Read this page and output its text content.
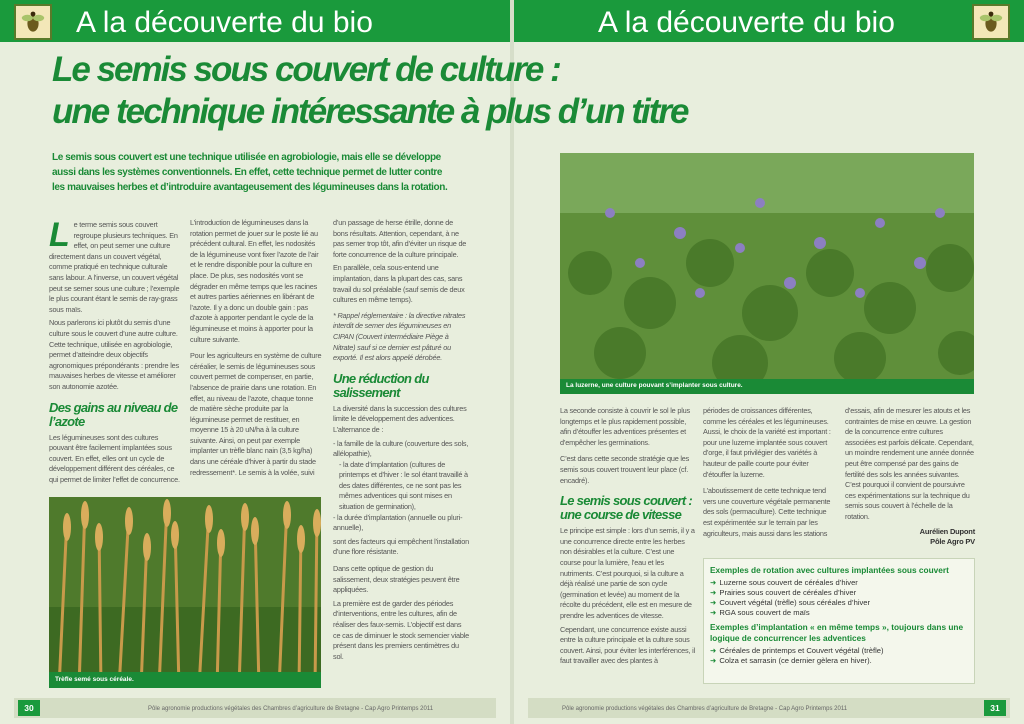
A la découverte du bio	A la découverte du bio
Le semis sous couvert de culture :
une technique intéressante à plus d’un titre
Le semis sous couvert est une technique utilisée en agrobiologie, mais elle se développe aussi dans les systèmes conventionnels. En effet, cette technique permet de lutter contre les mauvaises herbes et d’introduire avantageusement des légumineuses dans la rotation.

Le terme semis sous couvert regroupe plusieurs techniques. En effet, on peut semer une culture directement dans un couvert végétal, comme pratiqué en technique culturale sans labour. A l’inverse, un couvert végétal peut se semer sous une culture ; l’exemple le plus courant étant le semis de ray-grass sous maïs.

Nous parlerons ici plutôt du semis d’une culture sous le couvert d’une autre culture. Cette technique, utilisée en agrobiologie, permet d’atteindre deux objectifs agronomiques prépondérants : prendre les mauvaises herbes de vitesse et améliorer son autonomie azotée.

Des gains au niveau de l’azote

Les légumineuses sont des cultures pouvant être facilement implantées sous couvert. En effet, elles ont un cycle de développement différent des céréales, ce qui permet de limiter l’effet de concurrence.

L’introduction de légumineuses dans la rotation permet de jouer sur le poste lié au précédent cultural. En effet, les nodosités de la légumineuse vont fixer l’azote de l’air et le rendre disponible pour la culture en place. De plus, ses nodosités vont se dégrader en même temps que les racines et autres parties aériennes en libérant de l’azote. Il y a donc un double gain : pas d’azote à apporter pendant le cycle de la légumineuse et moins à apporter pour la culture suivante.

Pour les agriculteurs en système de culture céréalier, le semis de légumineuses sous couvert permet de compenser, en partie, l’absence de prairie dans une rotation. En effet, au niveau de l’azote, chaque tonne de matière sèche produite par la légumineuse permet de restituer, en moyenne 15 à 20 uN/ha à la culture suivante. Ainsi, on peut par exemple implanter un trèfle blanc nain (3,5 kg/ha) dans une céréale d’hiver à partir du stade redressement*. Le semis à la volée, suivi

d’un passage de herse étrille, donne de bons résultats. Attention, cependant, à ne pas semer trop tôt, afin d’éviter un risque de forte concurrence de la culture principale.

En parallèle, cela sous-entend une implantation, dans la plupart des cas, sans travail du sol préalable (sauf semis de deux cultures en même temps).

* Rappel réglementaire : la directive nitrates interdit de semer des légumineuses en CIPAN (Couvert intermédiaire Piège à Nitrate) sauf si ce dernier est pâturé ou exporté. Il est alors appelé dérobée.

Une réduction du salissement

La diversité dans la succession des cultures limite le développement des adventices. L’alternance de :

- la famille de la culture (couverture des sols, allélopathie),

- la date d’implantation (cultures de printemps et d’hiver : le sol étant travaillé à des dates différentes, ce ne sont pas les mêmes adventices qui sont mises en situation de germination),

- la durée d’implantation (annuelle ou pluri-annuelle),

sont des facteurs qui empêchent l’installation d’une flore résistante.

Dans cette optique de gestion du salissement, deux stratégies peuvent être appliquées.

La première est de garder des périodes d’interventions, entre les cultures, afin de réaliser des faux-semis. L’objectif est dans ce cas de diminuer le stock semencier viable présent dans les premiers centimètres du sol.

Trèfle semé sous céréale.
La luzerne, une culture pouvant s’implanter sous culture.

La seconde consiste à couvrir le sol le plus longtemps et le plus rapidement possible, afin d’étouffer les adventices présentes et d’empêcher les germinations.

C’est dans cette seconde stratégie que les semis sous couvert trouvent leur place (cf. encadré).

Le semis sous couvert : une course de vitesse

Le principe est simple : lors d’un semis, il y a une concurrence directe entre les herbes non désirables et la culture. C’est une course pour la lumière, l’eau et les nutriments. C’est pourquoi, si la culture a déjà réalisé une partie de son cycle (germination et levée) au moment de la récolte du précédent, elle est en mesure de prendre les adventices de vitesse.

Cependant, une concurrence existe aussi entre la culture principale et la culture sous couvert. Ainsi, pour éviter les interférences, il faut travailler avec des plantes à

périodes de croissances différentes, comme les céréales et les légumineuses. Aussi, le choix de la variété est important : pour une luzerne implantée sous couvert d’orge, il faut privilégier des variétés à hauteur de paille courte pour éviter d’étouffer la luzerne.

L’aboutissement de cette technique tend vers une couverture végétale permanente des sols (permaculture). Cette technique est expérimentée sur le terrain par les agriculteurs, mais aussi dans les stations

d’essais, afin de mesurer les atouts et les contraintes de mise en œuvre. La gestion de la concurrence entre cultures associées est parfois délicate. Cependant, un moindre rendement une année donnée peut être compensé par des gains de fertilité des sols les années suivantes. C’est pourquoi il convient de poursuivre ces expérimentations sur la technique du semis sous couvert à l’échelle de la rotation.

Aurélien Dupont

Pôle Agro PV

Exemples de rotation avec cultures implantées sous couvert
➜ Luzerne sous couvert de céréales d’hiver
➜ Prairies sous couvert de céréales d’hiver
➜ Couvert végétal (trèfle) sous céréales d’hiver
➜ RGA sous couvert de maïs
Exemples d’implantation « en même temps », toujours dans une logique de concurrencer les adventices
➜ Céréales de printemps et Couvert végétal (trèfle)
➜ Colza et sarrasin (ce dernier gèlera en hiver).
30	31
Pôle agronomie productions végétales des Chambres d’agriculture de Bretagne - Cap Agro Printemps 2011	Pôle agronomie productions végétales des Chambres d’agriculture de Bretagne - Cap Agro Printemps 2011
